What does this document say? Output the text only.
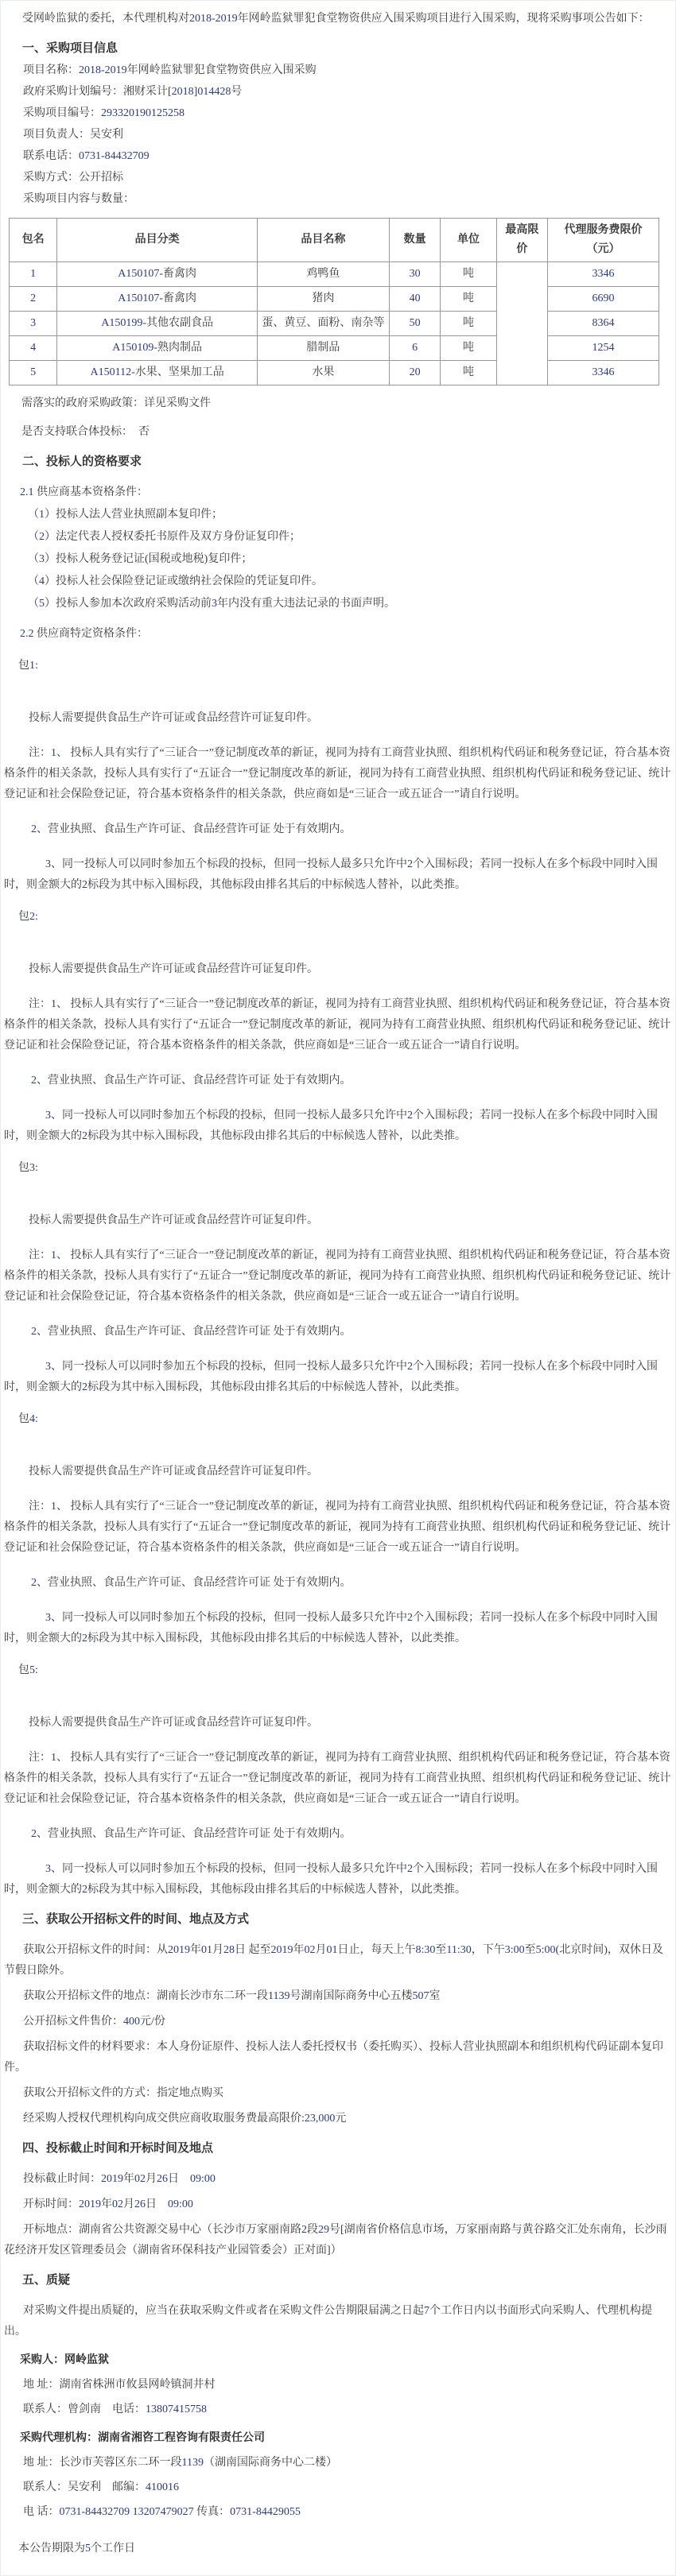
受网岭监狱的委托，本代理机构对2018-2019年网岭监狱罪犯食堂物资供应入围采购项目进行入围采购，现将采购事项公告如下：

一、采购项目信息

项目名称：2018-2019年网岭监狱罪犯食堂物资供应入围采购

政府采购计划编号：湘财采计[2018]014428号

采购项目编号：293320190125258

项目负责人：吴安利

联系电话：0731-84432709

采购方式：公开招标

采购项目内容与数量：

包名	品目分类	品目名称	数量	单位	最高限价	代理服务费限价（元）
1	A150107-畜禽肉	鸡鸭鱼	30	吨		3346
2	A150107-畜禽肉	猪肉	40	吨		6690
3	A150199-其他农副食品	蛋、黄豆、面粉、南杂等	50	吨		8364
4	A150109-熟肉制品	腊制品	6	吨		1254
5	A150112-水果、坚果加工品	水果	20	吨		3346

需落实的政府采购政策：详见采购文件

是否支持联合体投标：　否

二、投标人的资格要求

2.1 供应商基本资格条件：

（1）投标人法人营业执照副本复印件；

（2）法定代表人授权委托书原件及双方身份证复印件；

（3）投标人税务登记证(国税或地税)复印件；

（4）投标人社会保险登记证或缴纳社会保险的凭证复印件。

（5）投标人参加本次政府采购活动前3年内没有重大违法记录的书面声明。

2.2 供应商特定资格条件：

包1:

投标人需要提供食品生产许可证或食品经营许可证复印件。

注：1、 投标人具有实行了“三证合一”登记制度改革的新证，视同为持有工商营业执照、组织机构代码证和税务登记证，符合基本资格条件的相关条款，投标人具有实行了“五证合一”登记制度改革的新证，视同为持有工商营业执照、组织机构代码证和税务登记证、统计登记证和社会保险登记证，符合基本资格条件的相关条款，供应商如是“三证合一或五证合一”请自行说明。

2、营业执照、食品生产许可证、食品经营许可证 处于有效期内。

3、同一投标人可以同时参加五个标段的投标，但同一投标人最多只允许中2个入围标段；若同一投标人在多个标段中同时入围时，则金额大的2标段为其中标入围标段，其他标段由排名其后的中标候选人替补，以此类推。

包2:

投标人需要提供食品生产许可证或食品经营许可证复印件。

注：1、 投标人具有实行了“三证合一”登记制度改革的新证，视同为持有工商营业执照、组织机构代码证和税务登记证，符合基本资格条件的相关条款，投标人具有实行了“五证合一”登记制度改革的新证，视同为持有工商营业执照、组织机构代码证和税务登记证、统计登记证和社会保险登记证，符合基本资格条件的相关条款，供应商如是“三证合一或五证合一”请自行说明。

2、营业执照、食品生产许可证、食品经营许可证 处于有效期内。

3、同一投标人可以同时参加五个标段的投标，但同一投标人最多只允许中2个入围标段；若同一投标人在多个标段中同时入围时，则金额大的2标段为其中标入围标段，其他标段由排名其后的中标候选人替补，以此类推。

包3:

投标人需要提供食品生产许可证或食品经营许可证复印件。

注：1、 投标人具有实行了“三证合一”登记制度改革的新证，视同为持有工商营业执照、组织机构代码证和税务登记证，符合基本资格条件的相关条款，投标人具有实行了“五证合一”登记制度改革的新证，视同为持有工商营业执照、组织机构代码证和税务登记证、统计登记证和社会保险登记证，符合基本资格条件的相关条款，供应商如是“三证合一或五证合一”请自行说明。

2、营业执照、食品生产许可证、食品经营许可证 处于有效期内。

3、同一投标人可以同时参加五个标段的投标，但同一投标人最多只允许中2个入围标段；若同一投标人在多个标段中同时入围时，则金额大的2标段为其中标入围标段，其他标段由排名其后的中标候选人替补，以此类推。

包4:

投标人需要提供食品生产许可证或食品经营许可证复印件。

注：1、 投标人具有实行了“三证合一”登记制度改革的新证，视同为持有工商营业执照、组织机构代码证和税务登记证，符合基本资格条件的相关条款，投标人具有实行了“五证合一”登记制度改革的新证，视同为持有工商营业执照、组织机构代码证和税务登记证、统计登记证和社会保险登记证，符合基本资格条件的相关条款，供应商如是“三证合一或五证合一”请自行说明。

2、营业执照、食品生产许可证、食品经营许可证 处于有效期内。

3、同一投标人可以同时参加五个标段的投标，但同一投标人最多只允许中2个入围标段；若同一投标人在多个标段中同时入围时，则金额大的2标段为其中标入围标段，其他标段由排名其后的中标候选人替补，以此类推。

包5:

投标人需要提供食品生产许可证或食品经营许可证复印件。

注：1、 投标人具有实行了“三证合一”登记制度改革的新证，视同为持有工商营业执照、组织机构代码证和税务登记证，符合基本资格条件的相关条款，投标人具有实行了“五证合一”登记制度改革的新证，视同为持有工商营业执照、组织机构代码证和税务登记证、统计登记证和社会保险登记证，符合基本资格条件的相关条款，供应商如是“三证合一或五证合一”请自行说明。

2、营业执照、食品生产许可证、食品经营许可证 处于有效期内。

3、同一投标人可以同时参加五个标段的投标，但同一投标人最多只允许中2个入围标段；若同一投标人在多个标段中同时入围时，则金额大的2标段为其中标入围标段，其他标段由排名其后的中标候选人替补，以此类推。

三、获取公开招标文件的时间、地点及方式

获取公开招标文件的时间：从2019年01月28日 起至2019年02月01日止，每天上午8:30至11:30，下午3:00至5:00(北京时间)，双休日及节假日除外。

获取公开招标文件的地点：湖南长沙市东二环一段1139号湖南国际商务中心五楼507室

公开招标文件售价：400元/份

获取招标文件的材料要求：本人身份证原件、投标人法人委托授权书（委托购买）、投标人营业执照副本和组织机构代码证副本复印件。

获取公开招标文件的方式：指定地点购买

经采购人授权代理机构向成交供应商收取服务费最高限价:23,000元

四、投标截止时间和开标时间及地点

投标截止时间：2019年02月26日　09:00

开标时间：2019年02月26日　09:00

开标地点：湖南省公共资源交易中心（长沙市万家丽南路2段29号[湖南省价格信息市场，万家丽南路与黄谷路交汇处东南角，长沙雨花经济开发区管理委员会（湖南省环保科技产业园管委会）正对面]）

五、质疑

对采购文件提出质疑的，应当在获取采购文件或者在采购文件公告期限届满之日起7个工作日内以书面形式向采购人、代理机构提出。

采购人：网岭监狱

地 址：湖南省株洲市攸县网岭镇洞井村

联系人：曾剑南　电话：13807415758

采购代理机构：湖南省湘咨工程咨询有限责任公司

地 址：长沙市芙蓉区东二环一段1139（湖南国际商务中心二楼）

联系人：吴安利　邮编：410016

电 话：0731-84432709 13207479027 传真：0731-84429055

本公告期限为5个工作日
